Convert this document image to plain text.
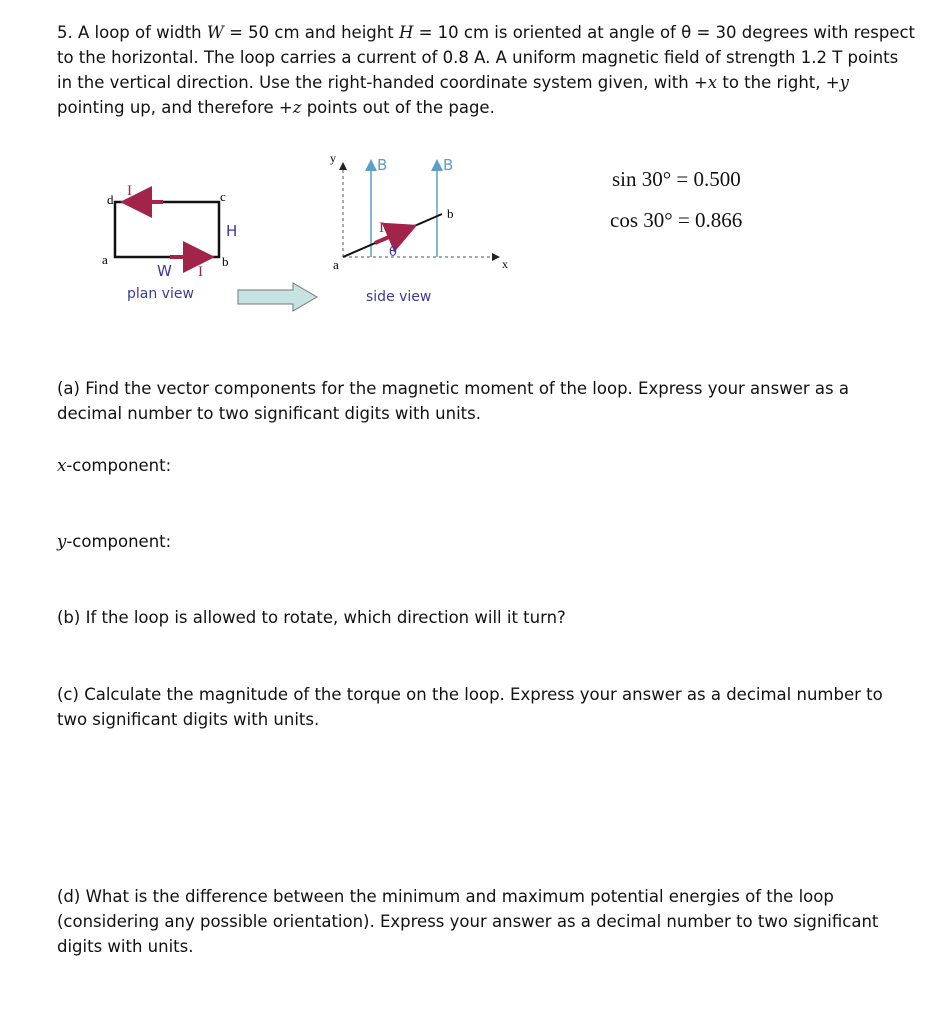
5. A loop of width W = 50 cm and height H = 10 cm is oriented at angle of θ = 30 degrees with respect to the horizontal. The loop carries a current of 0.8 A. A uniform magnetic field of strength 1.2 T points in the vertical direction. Use the right-handed coordinate system given, with +x to the right, +y pointing up, and therefore +z points out of the page.

d	c
a	b
I
I
H
W
plan view
y
x
B	B
a
b
I
θ
side view
sin 30° = 0.500
cos 30° = 0.866

(a) Find the vector components for the magnetic moment of the loop. Express your answer as a decimal number to two significant digits with units.

x-component:

y-component:

(b) If the loop is allowed to rotate, which direction will it turn?

(c) Calculate the magnitude of the torque on the loop. Express your answer as a decimal number to two significant digits with units.

(d) What is the difference between the minimum and maximum potential energies of the loop (considering any possible orientation). Express your answer as a decimal number to two significant digits with units.
